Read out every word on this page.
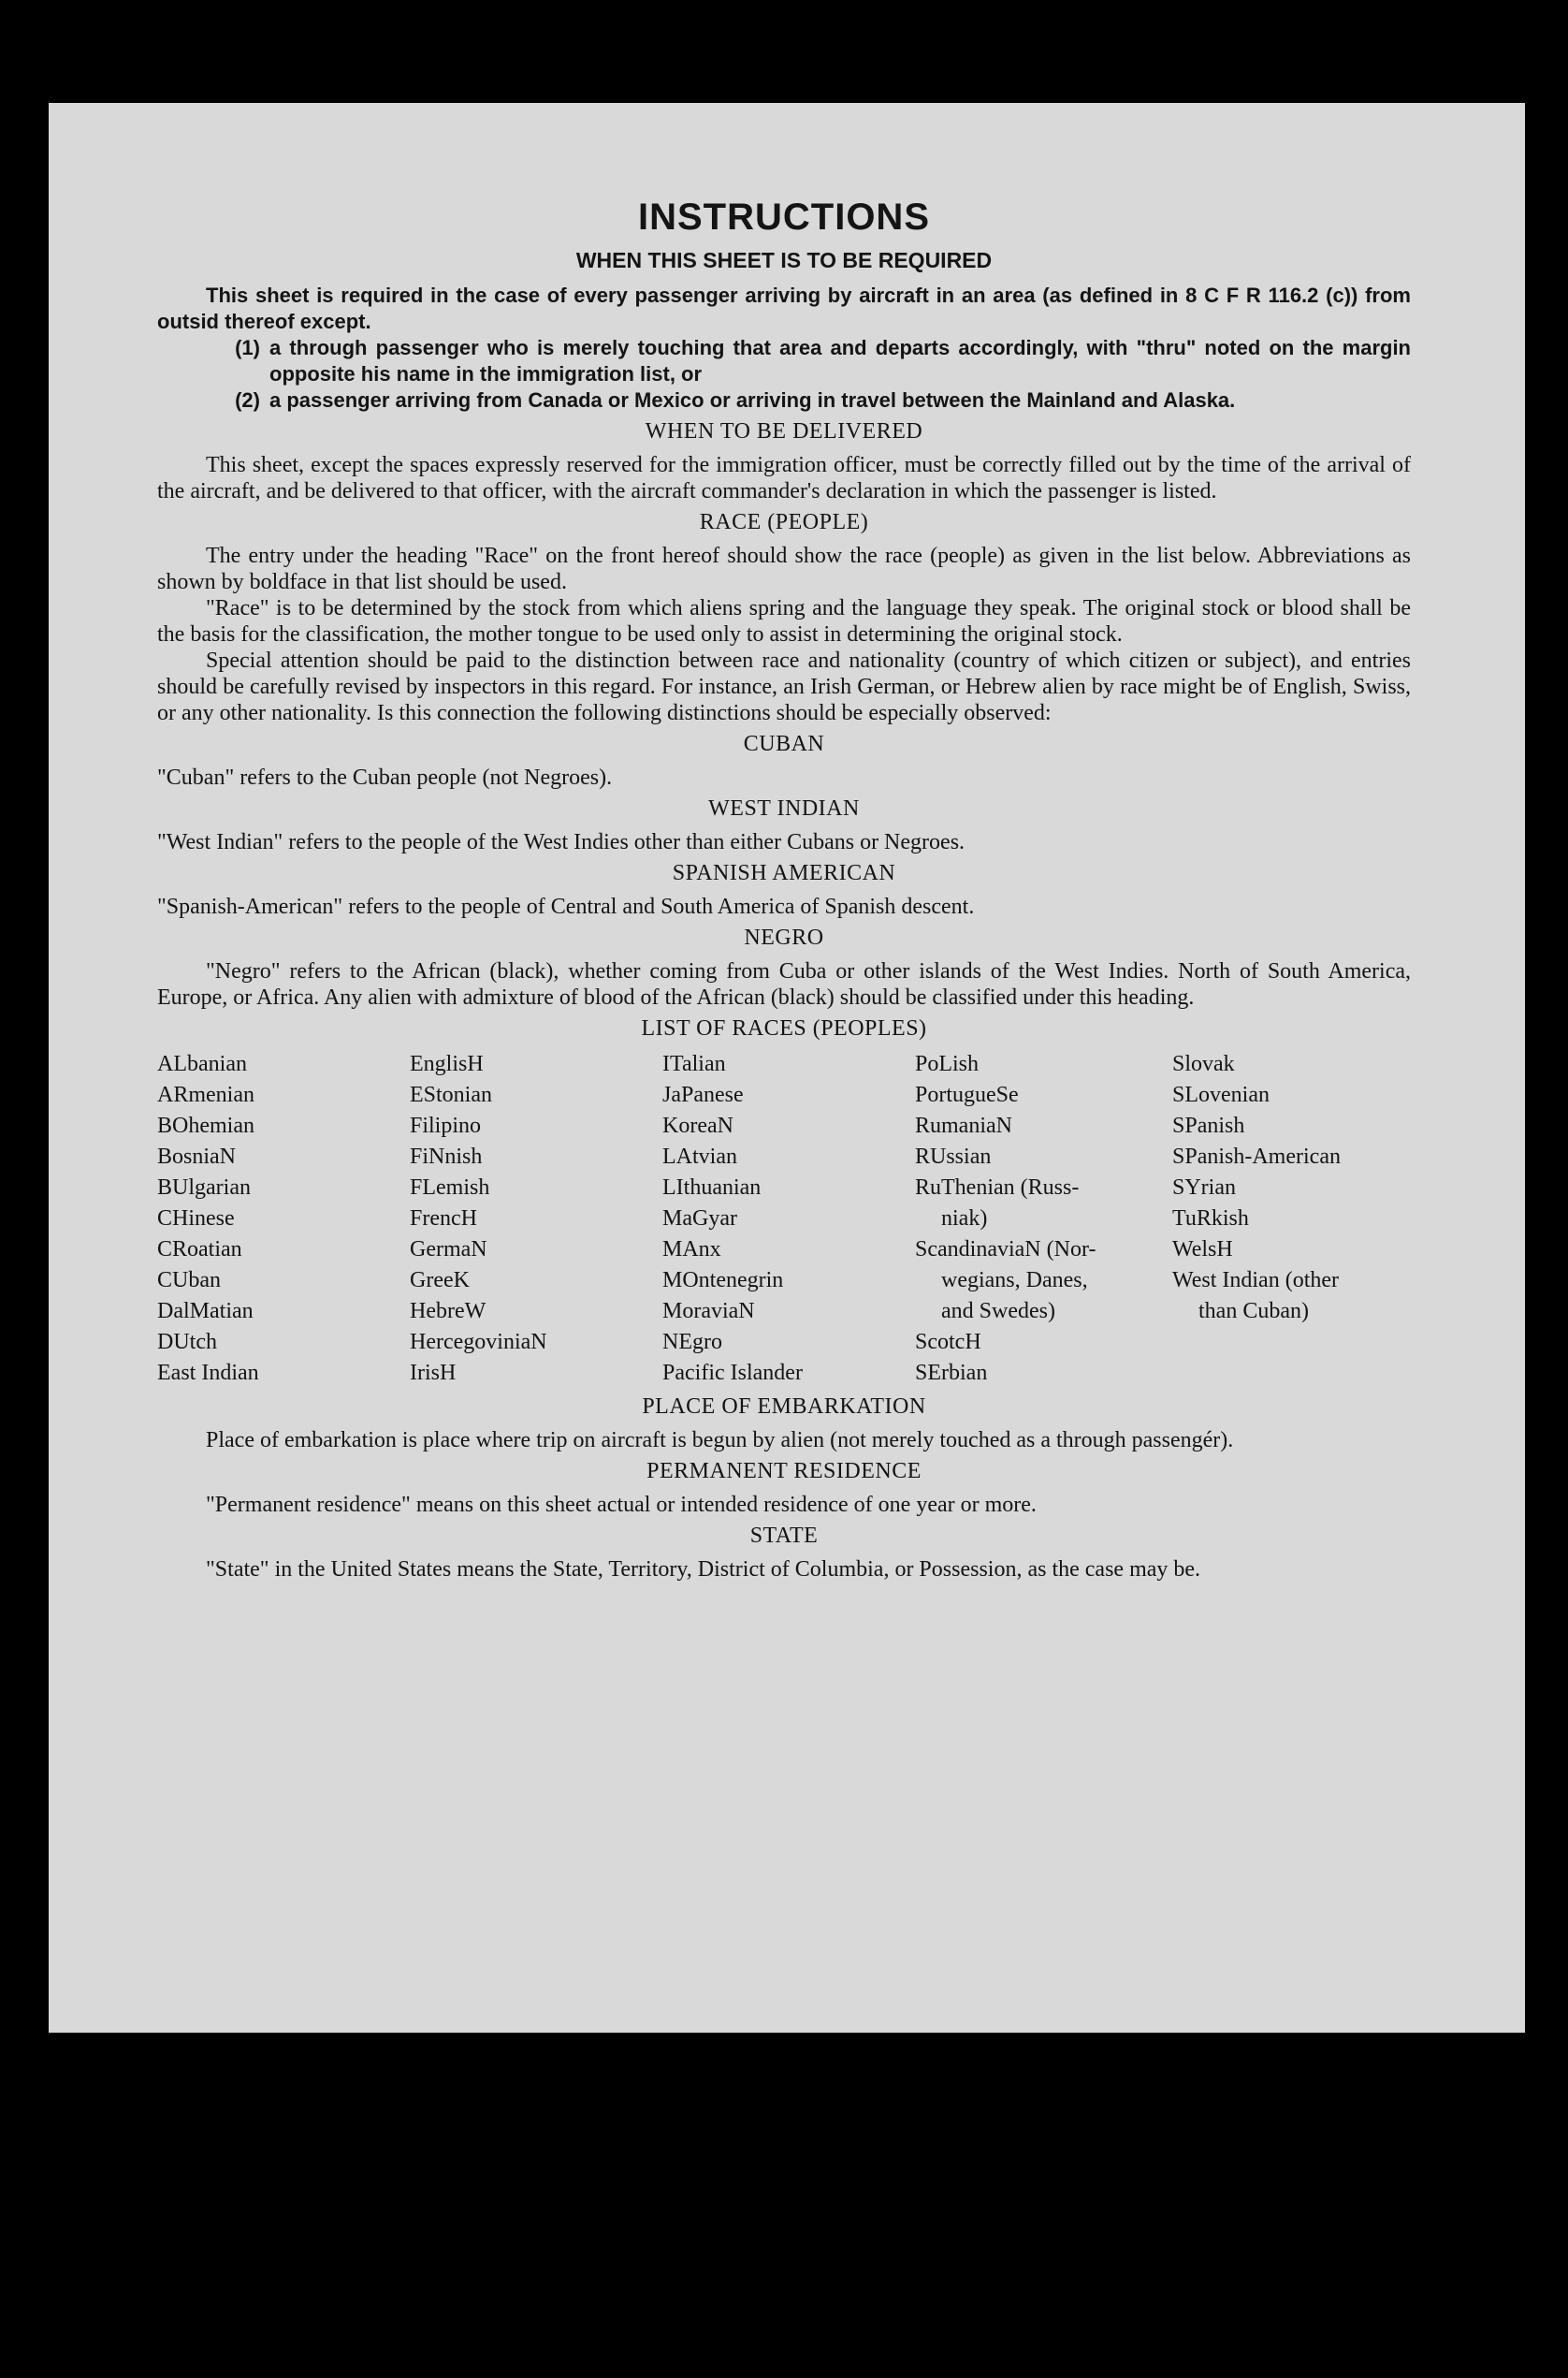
INSTRUCTIONS
WHEN THIS SHEET IS TO BE REQUIRED

This sheet is required in the case of every passenger arriving by aircraft in an area (as defined in 8 C F R 116.2 (c)) from outsid thereof except.

(1) a through passenger who is merely touching that area and departs accordingly, with "thru" noted on the margin opposite his name in the immigration list, or
(2) a passenger arriving from Canada or Mexico or arriving in travel between the Mainland and Alaska.
WHEN TO BE DELIVERED

This sheet, except the spaces expressly reserved for the immigration officer, must be correctly filled out by the time of the arrival of the aircraft, and be delivered to that officer, with the aircraft commander's declaration in which the passenger is listed.

RACE (PEOPLE)

The entry under the heading "Race" on the front hereof should show the race (people) as given in the list below. Abbreviations as shown by boldface in that list should be used.

"Race" is to be determined by the stock from which aliens spring and the language they speak. The original stock or blood shall be the basis for the classification, the mother tongue to be used only to assist in determining the original stock.

Special attention should be paid to the distinction between race and nationality (country of which citizen or subject), and entries should be carefully revised by inspectors in this regard. For instance, an Irish German, or Hebrew alien by race might be of English, Swiss, or any other nationality. Is this connection the following distinctions should be especially observed:

CUBAN

"Cuban" refers to the Cuban people (not Negroes).

WEST INDIAN

"West Indian" refers to the people of the West Indies other than either Cubans or Negroes.

SPANISH AMERICAN

"Spanish-American" refers to the people of Central and South America of Spanish descent.

NEGRO

"Negro" refers to the African (black), whether coming from Cuba or other islands of the West Indies. North of South America, Europe, or Africa. Any alien with admixture of blood of the African (black) should be classified under this heading.

LIST OF RACES (PEOPLES)
ALbanian
ARmenian
BOhemian
BosniaN
BUlgarian
CHinese
CRoatian
CUban
DalMatian
DUtch
East Indian
EnglisH
EStonian
Filipino
FiNnish
FLemish
FrencH
GermaN
GreeK
HebreW
HercegoviniaN
IrisH
ITalian
JaPanese
KoreaN
LAtvian
LIthuanian
MaGyar
MAnx
MOntenegrin
MoraviaN
NEgro
Pacific Islander
PoLish
PortugueSe
RumaniaN
RUssian
RuThenian (Russ-
niak)
ScandinaviaN (Nor-
wegians, Danes,
and Swedes)
ScotcH
SErbian
Slovak
SLovenian
SPanish
SPanish-American
SYrian
TuRkish
WelsH
West Indian (other
than Cuban)
PLACE OF EMBARKATION

Place of embarkation is place where trip on aircraft is begun by alien (not merely touched as a through passengér).

PERMANENT RESIDENCE

"Permanent residence" means on this sheet actual or intended residence of one year or more.

STATE

"State" in the United States means the State, Territory, District of Columbia, or Possession, as the case may be.
